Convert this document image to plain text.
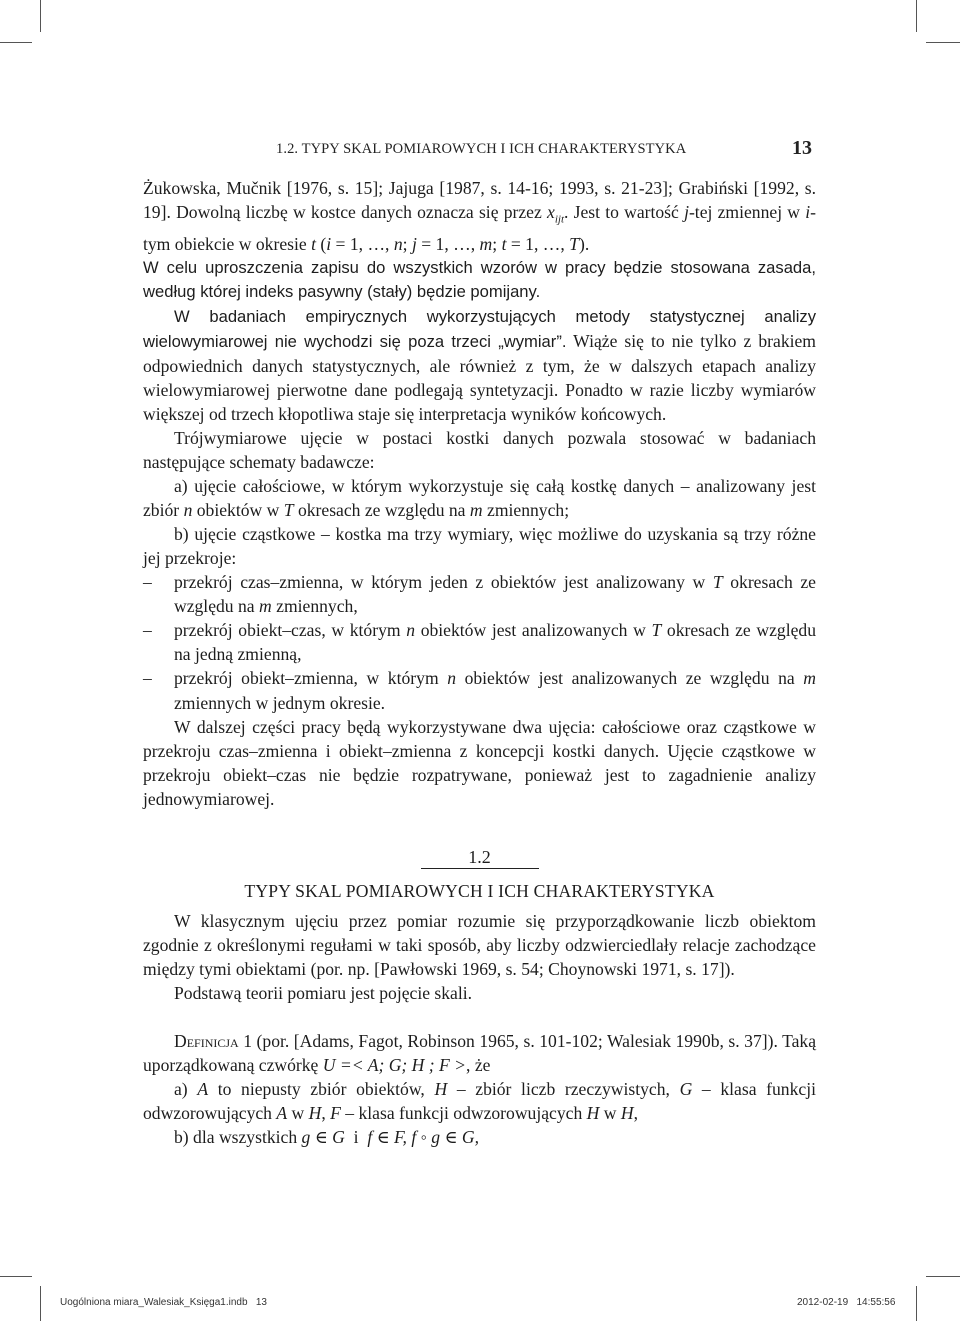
1.2. TYPY SKAL POMIAROWYCH I ICH CHARAKTERYSTYKA	13

Żukowska, Mučnik [1976, s. 15]; Jajuga [1987, s. 14-16; 1993, s. 21-23]; Grabiński [1992, s. 19]. Dowolną liczbę w kostce danych oznacza się przez $x_{ijt}$. Jest to wartość j-tej zmiennej w i-tym obiekcie w okresie t (i = 1, …, n; j = 1, …, m; t = 1, …, T).

W celu uproszczenia zapisu do wszystkich wzorów w pracy będzie stosowana zasada, według której indeks pasywny (stały) będzie pomijany.

W badaniach empirycznych wykorzystujących metody statystycznej analizy wielowymiarowej nie wychodzi się poza trzeci „wymiar”. Wiąże się to nie tylko z brakiem odpowiednich danych statystycznych, ale również z tym, że w dalszych etapach analizy wielowymiarowej pierwotne dane podlegają syntetyzacji. Ponadto w razie liczby wymiarów większej od trzech kłopotliwa staje się interpretacja wyników końcowych.

Trójwymiarowe ujęcie w postaci kostki danych pozwala stosować w badaniach następujące schematy badawcze:

a) ujęcie całościowe, w którym wykorzystuje się całą kostkę danych – analizowany jest zbiór n obiektów w T okresach ze względu na m zmiennych;

b) ujęcie cząstkowe – kostka ma trzy wymiary, więc możliwe do uzyskania są trzy różne jej przekroje:

– przekrój czas–zmienna, w którym jeden z obiektów jest analizowany w T okresach ze względu na m zmiennych,

– przekrój obiekt–czas, w którym n obiektów jest analizowanych w T okresach ze względu na jedną zmienną,

– przekrój obiekt–zmienna, w którym n obiektów jest analizowanych ze względu na m zmiennych w jednym okresie.

W dalszej części pracy będą wykorzystywane dwa ujęcia: całościowe oraz cząstkowe w przekroju czas–zmienna i obiekt–zmienna z koncepcji kostki danych. Ujęcie cząstkowe w przekroju obiekt–czas nie będzie rozpatrywane, ponieważ jest to zagadnienie analizy jednowymiarowej.

1.2
TYPY SKAL POMIAROWYCH I ICH CHARAKTERYSTYKA

W klasycznym ujęciu przez pomiar rozumie się przyporządkowanie liczb obiektom zgodnie z określonymi regułami w taki sposób, aby liczby odzwierciedlały relacje zachodzące między tymi obiektami (por. np. [Pawłowski 1969, s. 54; Choynowski 1971, s. 17]).

Podstawą teorii pomiaru jest pojęcie skali.

Definicja 1 (por. [Adams, Fagot, Robinson 1965, s. 101-102; Walesiak 1990b, s. 37]). Taką uporządkowaną czwórkę U =< A; G; H ; F >, że

a) A to niepusty zbiór obiektów, H – zbiór liczb rzeczywistych, G – klasa funkcji odwzorowujących A w H, F – klasa funkcji odwzorowujących H w H,

b) dla wszystkich g ∈ G  i  f ∈ F, f ◦ g ∈ G,

Uogólniona miara_Walesiak_Księga1.indb   13	2012-02-19   14:55:56
